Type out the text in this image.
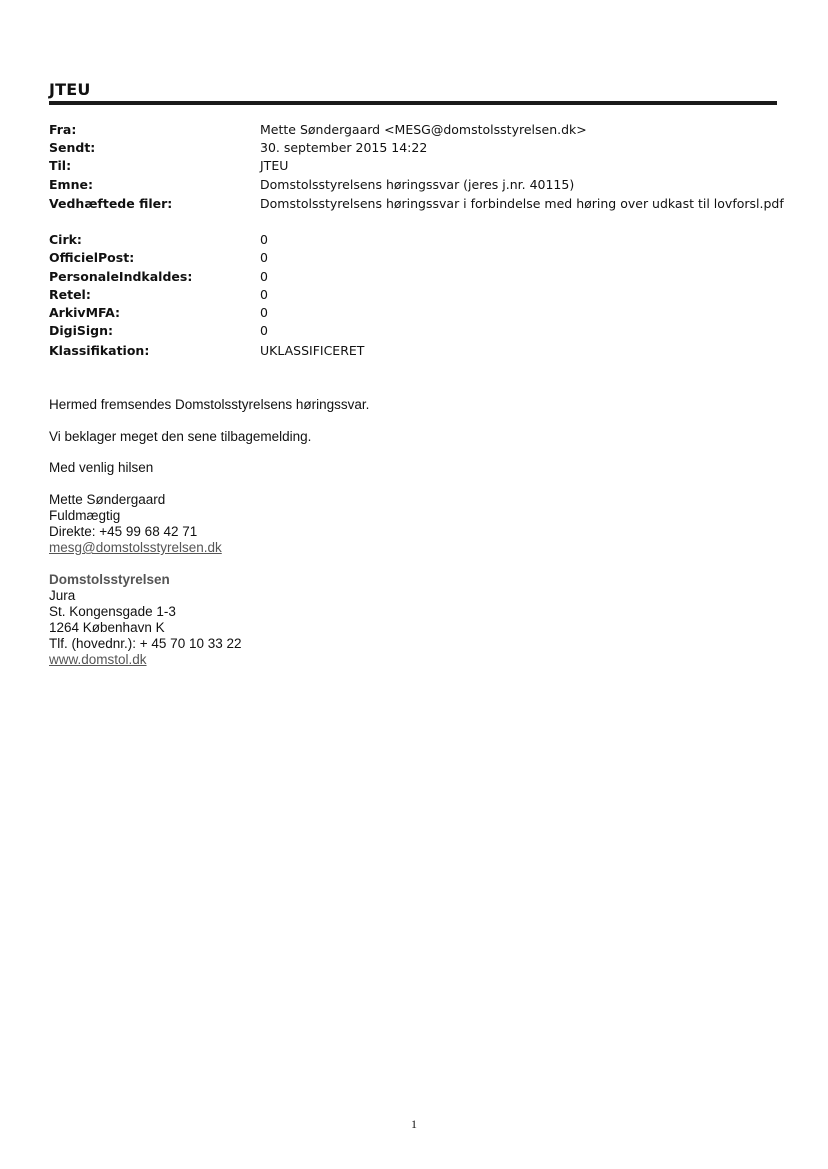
JTEU
Fra:	Mette Søndergaard <MESG@domstolsstyrelsen.dk>
Sendt:	30. september 2015 14:22
Til:	JTEU
Emne:	Domstolsstyrelsens høringssvar (jeres j.nr. 40115)
Vedhæftede filer:	Domstolsstyrelsens høringssvar i forbindelse med høring over udkast til lovforsl.pdf
Cirk:	0
OfficielPost:	0
PersonaleIndkaldes:	0
Retel:	0
ArkivMFA:	0
DigiSign:	0
Klassifikation:	UKLASSIFICERET
Hermed fremsendes Domstolsstyrelsens høringssvar.
Vi beklager meget den sene tilbagemelding.
Med venlig hilsen
Mette Søndergaard
Fuldmægtig
Direkte: +45 99 68 42 71
mesg@domstolsstyrelsen.dk
Domstolsstyrelsen
Jura
St. Kongensgade 1-3
1264 København K
Tlf. (hovednr.): + 45 70 10 33 22
www.domstol.dk
1
